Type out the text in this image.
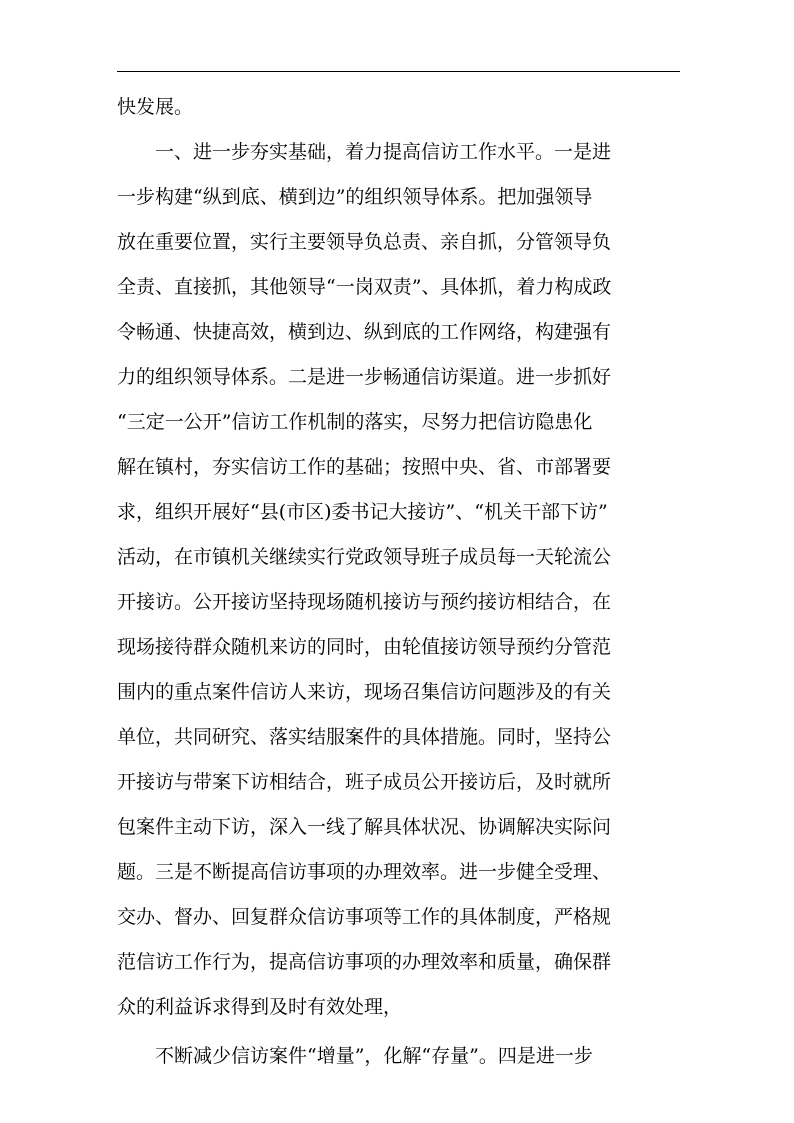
快发展。
一、进一步夯实基础，着力提高信访工作水平。一是进
一步构建“纵到底、横到边”的组织领导体系。把加强领导
放在重要位置，实行主要领导负总责、亲自抓，分管领导负
全责、直接抓，其他领导“一岗双责”、具体抓，着力构成政
令畅通、快捷高效，横到边、纵到底的工作网络，构建强有
力的组织领导体系。二是进一步畅通信访渠道。进一步抓好
“三定一公开”信访工作机制的落实，尽努力把信访隐患化
解在镇村，夯实信访工作的基础；按照中央、省、市部署要
求，组织开展好“县(市区)委书记大接访”、“机关干部下访”
活动，在市镇机关继续实行党政领导班子成员每一天轮流公
开接访。公开接访坚持现场随机接访与预约接访相结合，在
现场接待群众随机来访的同时，由轮值接访领导预约分管范
围内的重点案件信访人来访，现场召集信访问题涉及的有关
单位，共同研究、落实结服案件的具体措施。同时，坚持公
开接访与带案下访相结合，班子成员公开接访后，及时就所
包案件主动下访，深入一线了解具体状况、协调解决实际问
题。三是不断提高信访事项的办理效率。进一步健全受理、
交办、督办、回复群众信访事项等工作的具体制度，严格规
范信访工作行为，提高信访事项的办理效率和质量，确保群
众的利益诉求得到及时有效处理，
不断减少信访案件“增量”，化解“存量”。四是进一步
